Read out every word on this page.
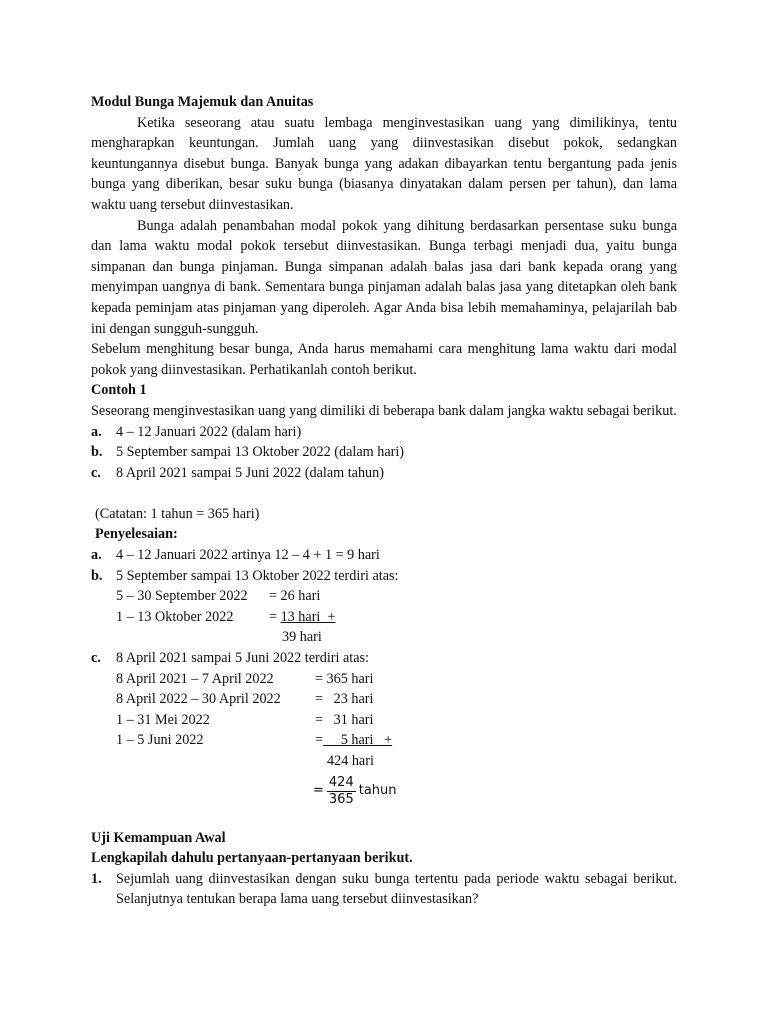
Modul Bunga Majemuk dan Anuitas

Ketika seseorang atau suatu lembaga menginvestasikan uang yang dimilikinya, tentu mengharapkan keuntungan. Jumlah uang yang diinvestasikan disebut pokok, sedangkan keuntungannya disebut bunga. Banyak bunga yang adakan dibayarkan tentu bergantung pada jenis bunga yang diberikan, besar suku bunga (biasanya dinyatakan dalam persen per tahun), dan lama waktu uang tersebut diinvestasikan.

Bunga adalah penambahan modal pokok yang dihitung berdasarkan persentase suku bunga dan lama waktu modal pokok tersebut diinvestasikan. Bunga terbagi menjadi dua, yaitu bunga simpanan dan bunga pinjaman. Bunga simpanan adalah balas jasa dari bank kepada orang yang menyimpan uangnya di bank. Sementara bunga pinjaman adalah balas jasa yang ditetapkan oleh bank kepada peminjam atas pinjaman yang diperoleh. Agar Anda bisa lebih memahaminya, pelajarilah bab ini dengan sungguh-sungguh.

Sebelum menghitung besar bunga, Anda harus memahami cara menghitung lama waktu dari modal pokok yang diinvestasikan. Perhatikanlah contoh berikut.

Contoh 1

Seseorang menginvestasikan uang yang dimiliki di beberapa bank dalam jangka waktu sebagai berikut.

a.	4 – 12 Januari 2022 (dalam hari)
b. 5 September sampai 13 Oktober 2022 (dalam hari)
c.	8 April 2021 sampai 5 Juni 2022 (dalam tahun)

(Catatan: 1 tahun = 365 hari)

Penyelesaian:

a.	4 – 12 Januari 2022 artinya 12 – 4 + 1 = 9 hari
b. 5 September sampai 13 Oktober 2022 terdiri atas:
5 – 30 September 2022	= 26 hari
1 – 13 Oktober 2022	= 13 hari  +
39 hari
c.	8 April 2021 sampai 5 Juni 2022 terdiri atas:
8 April 2021 – 7 April 2022	= 365 hari
8 April 2022 – 30 April 2022	=   23 hari
1 – 31 Mei 2022	=   31 hari
1 – 5 Juni 2022	= 5 hari   +
424 hari
= $\frac{424}{365}$ tahun

Uji Kemampuan Awal

Lengkapilah dahulu pertanyaan-pertanyaan berikut.

1.	Sejumlah uang diinvestasikan dengan suku bunga tertentu pada periode waktu sebagai berikut. Selanjutnya tentukan berapa lama uang tersebut diinvestasikan?
